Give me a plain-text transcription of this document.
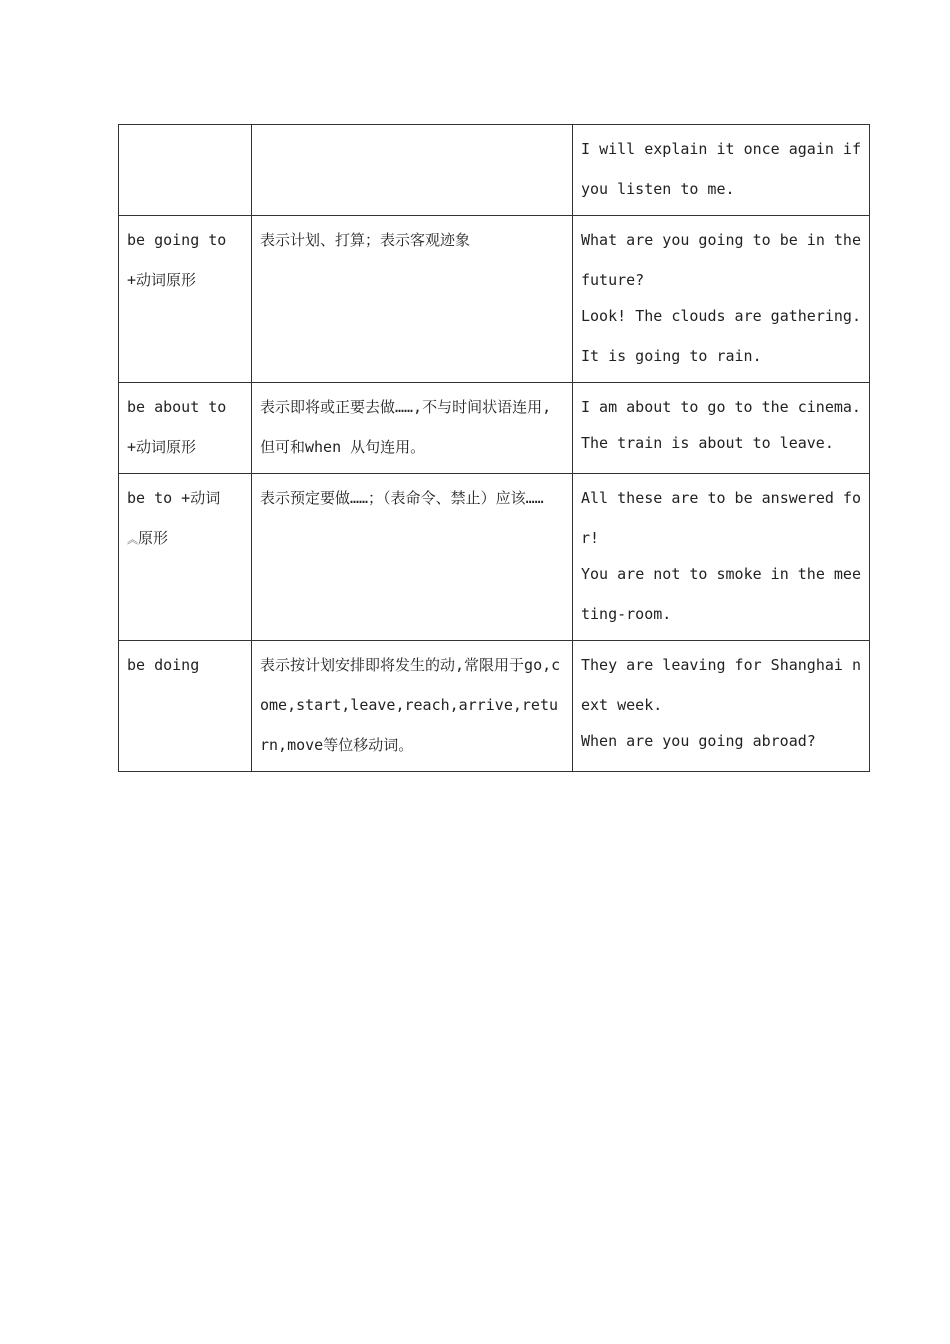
		I will explain it once again if you listen to me.

be going to +动词原形	表示计划、打算；表示客观迹象	What are you going to be in the future?
Look! The clouds are gathering.It is going to rain.

be about to +动词原形	表示即将或正要去做……,不与时间状语连用, 但可和when 从句连用。	I am about to go to the cinema.
The train is about to leave.

be to +动词︽原形	表示预定要做……；（表命令、禁止）应该……	All these are to be answered for!
You are not to smoke in the meeting-room.

be doing	表示按计划安排即将发生的动,常限用于go,come,start,leave,reach,arrive,return,move等位移动词。	They are leaving for Shanghai next week.
When are you going abroad?
